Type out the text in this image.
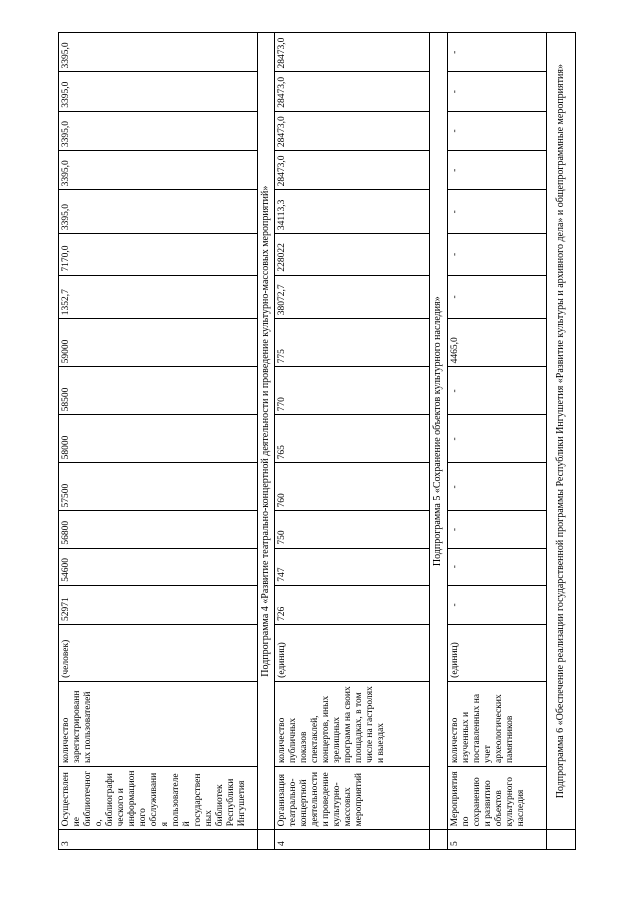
3	Осуществление библиотечного, библиографического и информационного обслуживания пользователей государственных библиотек Республики Ингушетия	количество зарегистрированных пользователей	(человек)	52971	54600	56800	57500	58000	58500	59000	1352,7	7170,0	3395,0	3395,0	3395,0	3395,0	3395,0
	Подпрограмма 4 «Развитие театрально-концертной деятельности и проведение культурно-массовых мероприятий»																
4	Организация театрально-концертной деятельности и проведение культурно-массовых мероприятий	количество публичных показов спектаклей, концертов, иных зрелищных программ на своих площадках, в том числе на гастролях и выездах	(единиц)	726	747	750	760	765	770	775	38072,7	228022	34113,3	28473,0	28473,0	28473,0	28473,0
	Подпрограмма 5 «Сохранение объектов культурного наследия»																
5	Мероприятия по сохранению и развитию объектов культурного наследия	количество изученных и поставленных на учет археологических памятников	(единиц)	-	-	-	-	-	-	4465,0	-	-	-	-	-	-	-
	Подпрограмма 6 «Обеспечение реализации государственной программы Республики Ингушетия «Развитие культуры и архивного дела» и общепрограммные мероприятия»																
